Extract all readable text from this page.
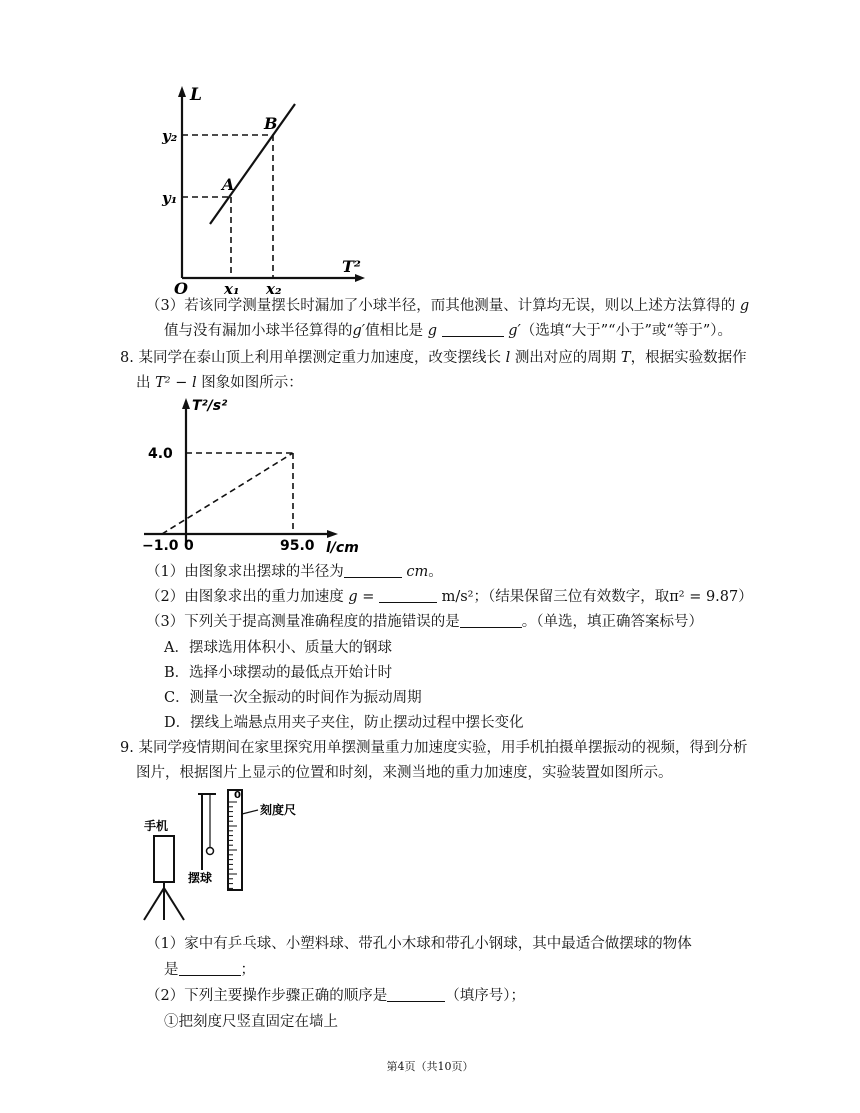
L
T²
O
A
B
y₁
y₂
x₁ x₂
（3）若该同学测量摆长时漏加了小球半径，而其他测量、计算均无误，则以上述方法算得的 g
值与没有漏加小球半径算得的g′值相比是 g	g′（选填“大于”“小于”或“等于”）。
8. 某同学在泰山顶上利用单摆测定重力加速度，改变摆线长 l 测出对应的周期 T，根据实验数据作
出 T² − l 图象如图所示：
T²/s²
l/cm
4.0
−1.0 0	95.0
（1）由图象求出摆球的半径为	cm。
（2）由图象求出的重力加速度 g =	m/s²；（结果保留三位有效数字，取π² = 9.87）
（3）下列关于提高测量准确程度的措施错误的是	。（单选，填正确答案标号）
A．摆球选用体积小、质量大的钢球
B．选择小球摆动的最低点开始计时
C．测量一次全振动的时间作为振动周期
D．摆线上端悬点用夹子夹住，防止摆动过程中摆长变化
9. 某同学疫情期间在家里探究用单摆测量重力加速度实验，用手机拍摄单摆振动的视频，得到分析
图片，根据图片上显示的位置和时刻，来测当地的重力加速度，实验装置如图所示。
手机
摆球
0
刻度尺
（1）家中有乒乓球、小塑料球、带孔小木球和带孔小钢球，其中最适合做摆球的物体
是	；
（2）下列主要操作步骤正确的顺序是	（填序号）；
①把刻度尺竖直固定在墙上
第4页（共10页）
